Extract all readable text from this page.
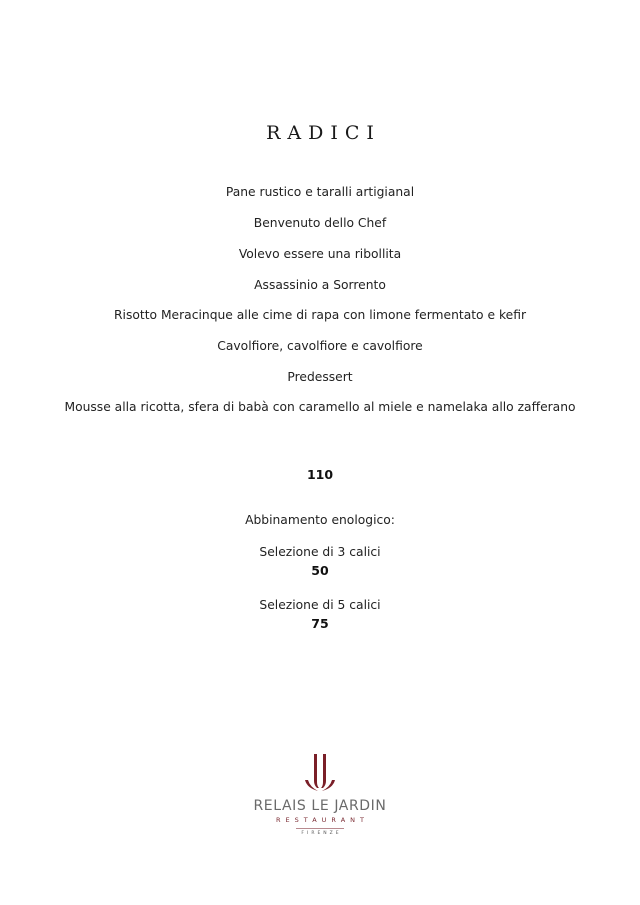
RADICI
Pane rustico e taralli artigianal
Benvenuto dello Chef
Volevo essere una ribollita
Assassinio a Sorrento
Risotto Meracinque alle cime di rapa con limone fermentato e kefir
Cavolfiore, cavolfiore e cavolfiore
Predessert
Mousse alla ricotta, sfera di babà con caramello al miele e namelaka allo zafferano
110
Abbinamento enologico:
Selezione di 3 calici
50
Selezione di 5 calici
75
RELAIS LE JARDIN
RESTAURANT
FIRENZE
